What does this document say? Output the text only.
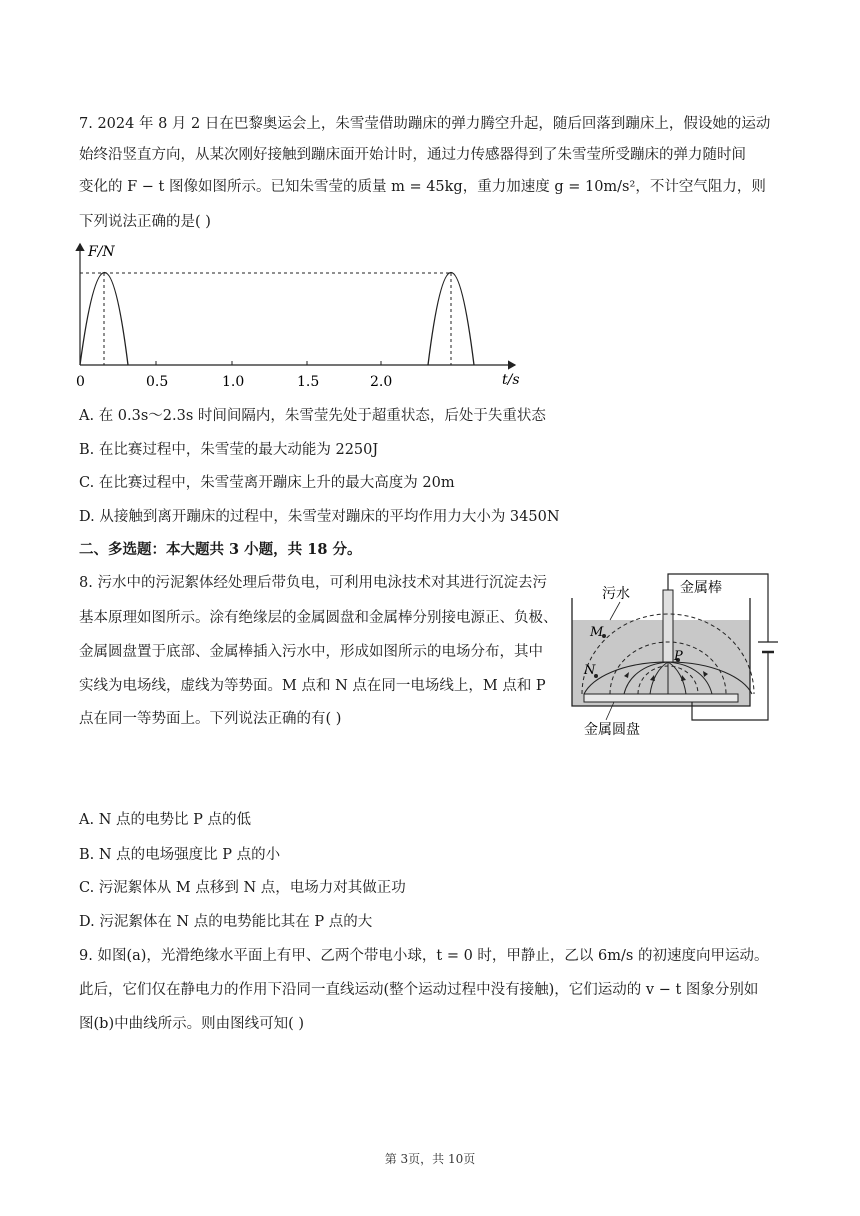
7. 2024 年 8 月 2 日在巴黎奥运会上，朱雪莹借助蹦床的弹力腾空升起，随后回落到蹦床上，假设她的运动

始终沿竖直方向，从某次刚好接触到蹦床面开始计时，通过力传感器得到了朱雪莹所受蹦床的弹力随时间

变化的 F − t 图像如图所示。已知朱雪莹的质量 m = 45kg，重力加速度 g = 10m/s²，不计空气阻力，则

下列说法正确的是( )

F/N
t/s
0	0.5	1.0	1.5	2.0

A. 在 0.3s～2.3s 时间间隔内，朱雪莹先处于超重状态，后处于失重状态

B. 在比赛过程中，朱雪莹的最大动能为 2250J

C. 在比赛过程中，朱雪莹离开蹦床上升的最大高度为 20m

D. 从接触到离开蹦床的过程中，朱雪莹对蹦床的平均作用力大小为 3450N

二、多选题：本大题共 3 小题，共 18 分。

8. 污水中的污泥絮体经处理后带负电，可利用电泳技术对其进行沉淀去污

基本原理如图所示。涂有绝缘层的金属圆盘和金属棒分别接电源正、负极、

金属圆盘置于底部、金属棒插入污水中，形成如图所示的电场分布，其中

实线为电场线，虚线为等势面。M 点和 N 点在同一电场线上，M 点和 P

点在同一等势面上。下列说法正确的有( )

污水	金属棒
M
N
P
金属圆盘

A. N 点的电势比 P 点的低

B. N 点的电场强度比 P 点的小

C. 污泥絮体从 M 点移到 N 点，电场力对其做正功

D. 污泥絮体在 N 点的电势能比其在 P 点的大

9. 如图(a)，光滑绝缘水平面上有甲、乙两个带电小球，t = 0 时，甲静止，乙以 6m/s 的初速度向甲运动。

此后，它们仅在静电力的作用下沿同一直线运动(整个运动过程中没有接触)，它们运动的 v − t 图象分别如

图(b)中曲线所示。则由图线可知( )

第 3页，共 10页
